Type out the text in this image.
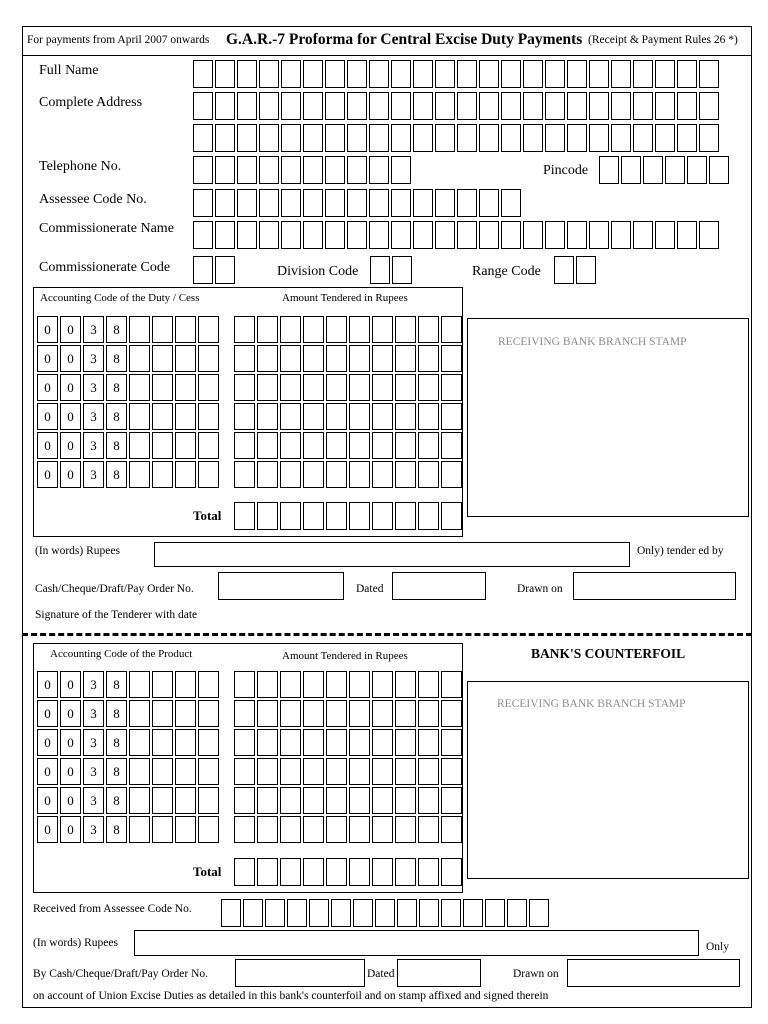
For payments from April 2007 onwards G.A.R.-7 Proforma for Central Excise Duty Payments (Receipt & Payment Rules 26 *)
Full Name
Complete Address
Telephone No.	Pincode
Assessee Code No.
Commissionerate Name
Commissionerate Code	Division Code	Range Code
Accounting Code of the Duty / Cess	Amount Tendered in Rupees
0	0	3	8
0	0	3	8
0	0	3	8
0	0	3	8
0	0	3	8
0	0	3	8
Total
RECEIVING BANK BRANCH STAMP
(In words) Rupees	Only) tender ed by
Cash/Cheque/Draft/Pay Order No.	Dated	Drawn on
Signature of the Tenderer with date
Accounting Code of the Product	Amount Tendered in Rupees	BANK'S COUNTERFOIL
0	0	3	8
0	0	3	8
0	0	3	8
0	0	3	8
0	0	3	8
0	0	3	8
Total
RECEIVING BANK BRANCH STAMP
Received from Assessee Code No.
(In words) Rupees	Only
By Cash/Cheque/Draft/Pay Order No.	Dated	Drawn on
on account of Union Excise Duties as detailed in this bank's counterfoil and on stamp affixed and signed therein
